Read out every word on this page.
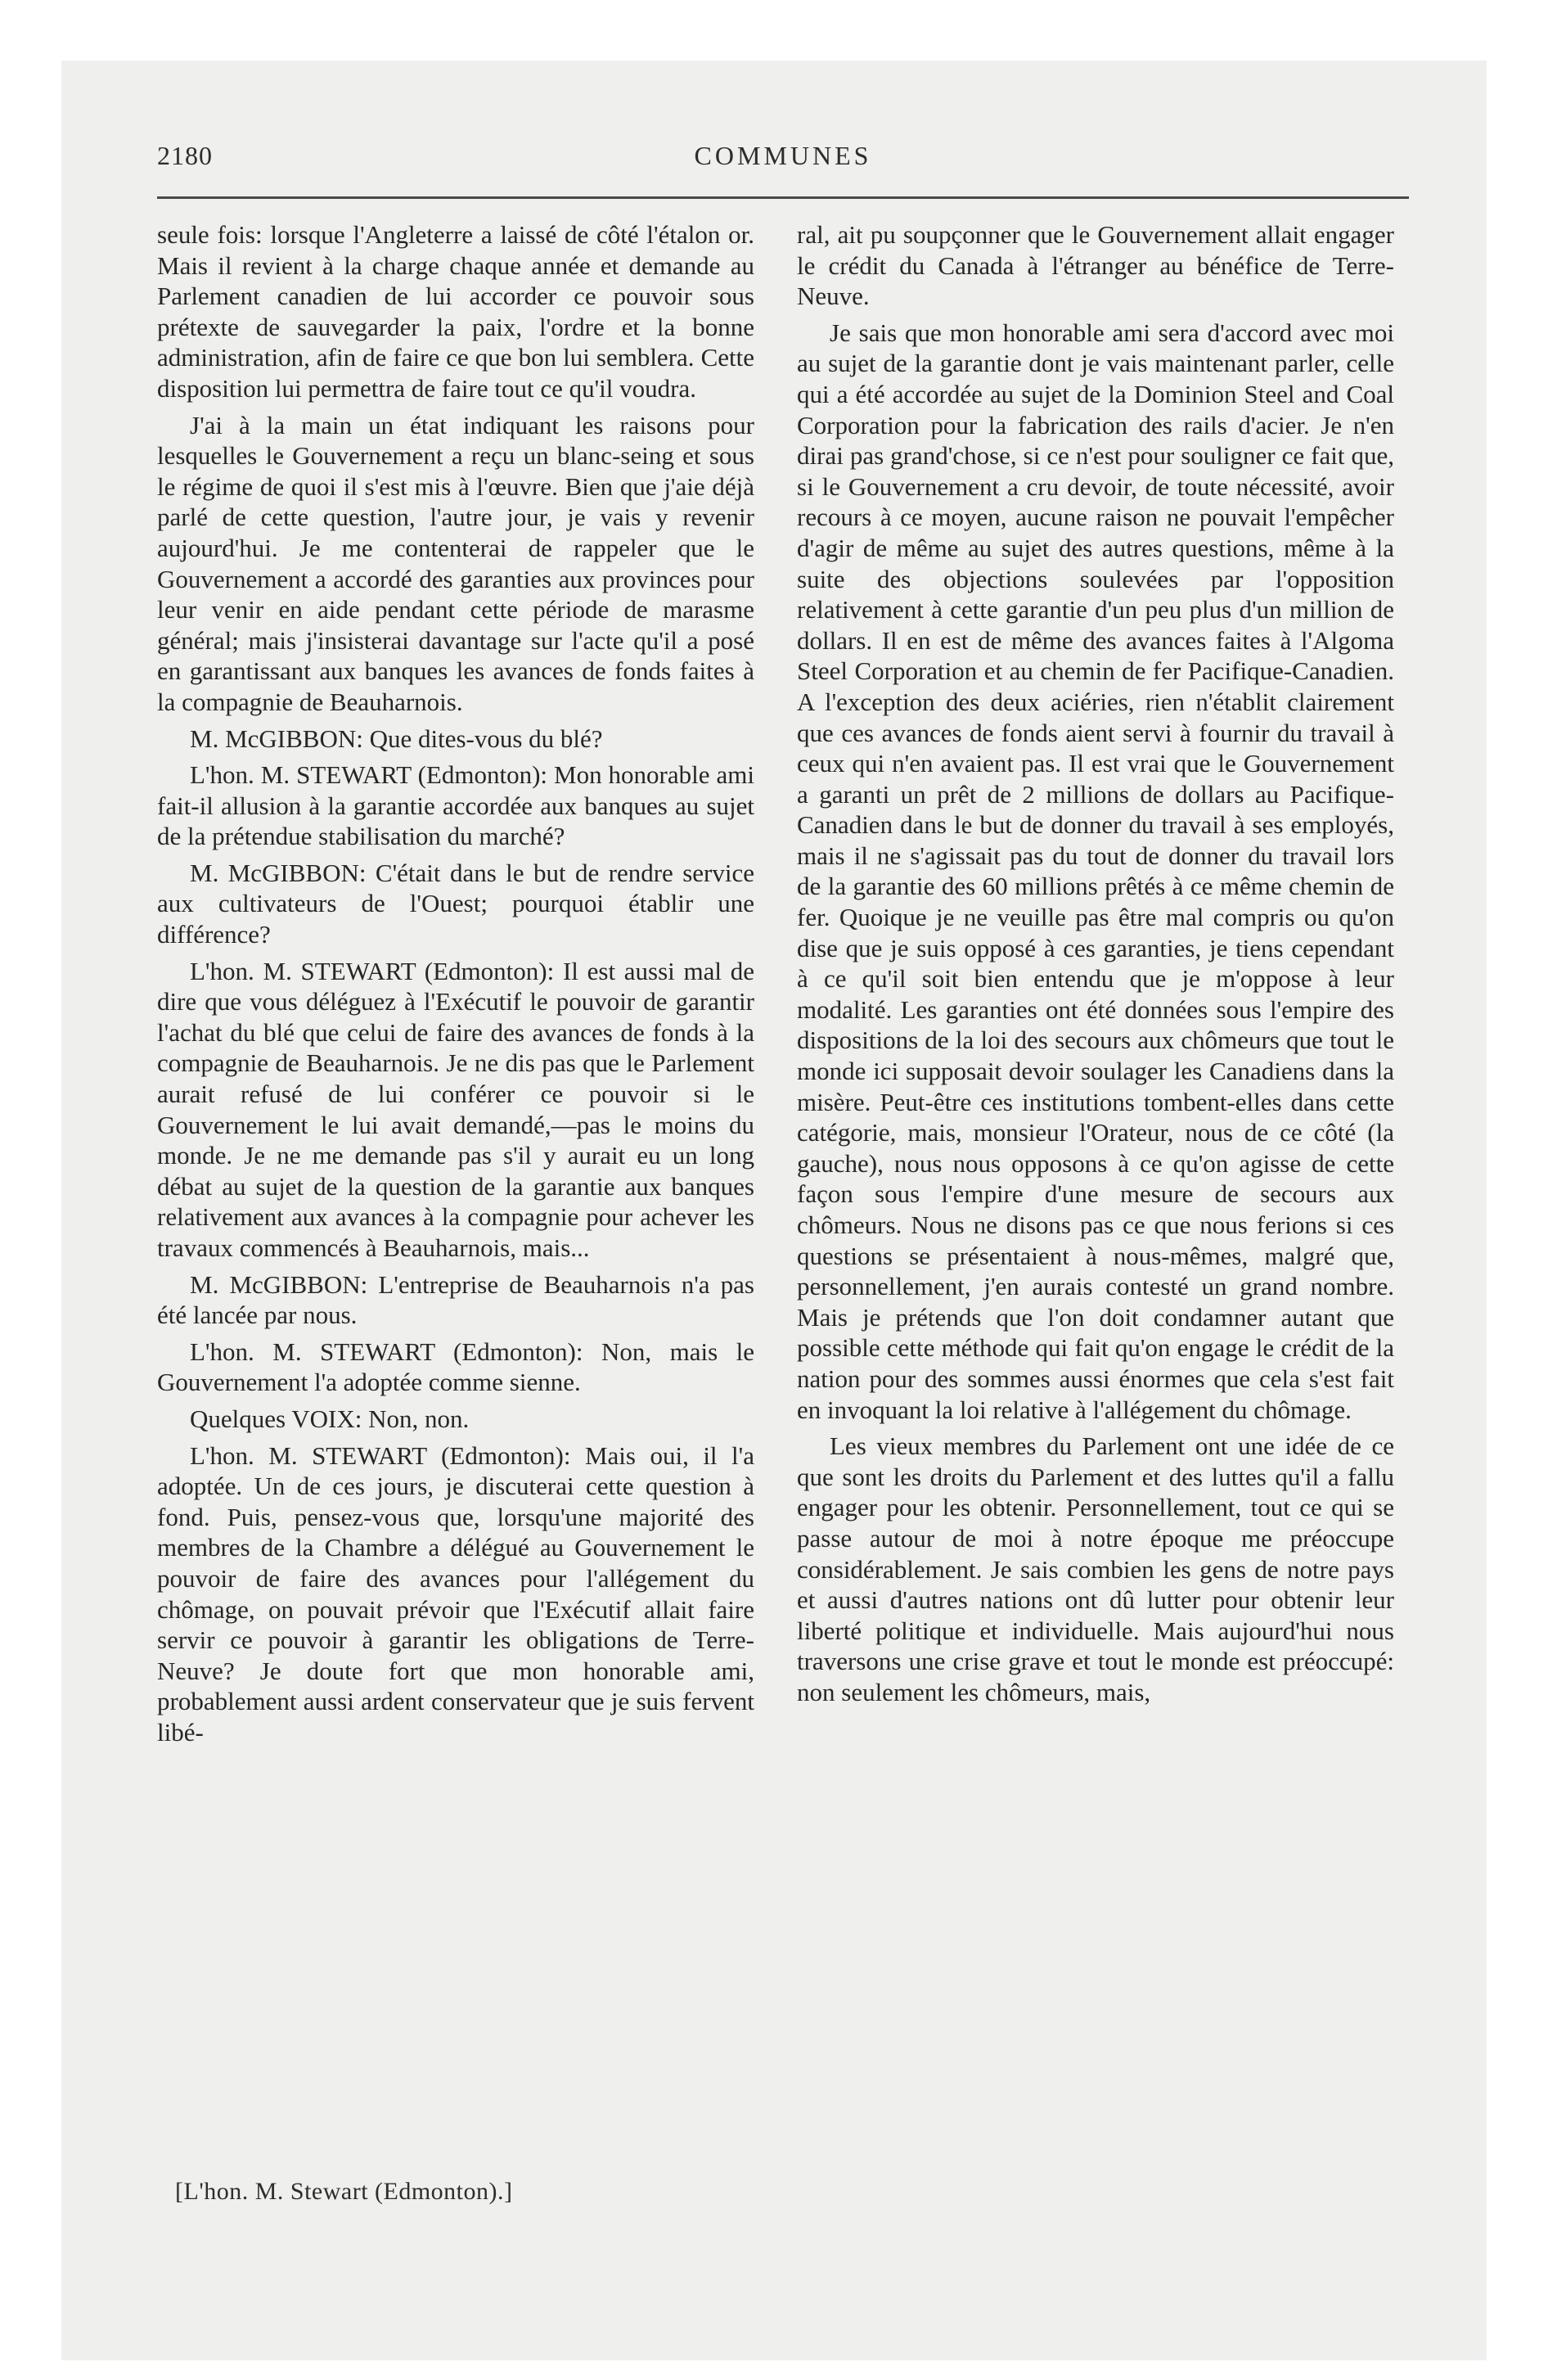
2180	COMMUNES

seule fois: lorsque l'Angleterre a laissé de côté l'étalon or. Mais il revient à la charge chaque année et demande au Parlement canadien de lui accorder ce pouvoir sous prétexte de sauvegarder la paix, l'ordre et la bonne administration, afin de faire ce que bon lui semblera. Cette disposition lui permettra de faire tout ce qu'il voudra.

J'ai à la main un état indiquant les raisons pour lesquelles le Gouvernement a reçu un blanc-seing et sous le régime de quoi il s'est mis à l'œuvre. Bien que j'aie déjà parlé de cette question, l'autre jour, je vais y revenir aujourd'hui. Je me contenterai de rappeler que le Gouvernement a accordé des garanties aux provinces pour leur venir en aide pendant cette période de marasme général; mais j'insisterai davantage sur l'acte qu'il a posé en garantissant aux banques les avances de fonds faites à la compagnie de Beauharnois.

M. McGIBBON: Que dites-vous du blé?

L'hon. M. STEWART (Edmonton): Mon honorable ami fait-il allusion à la garantie accordée aux banques au sujet de la prétendue stabilisation du marché?

M. McGIBBON: C'était dans le but de rendre service aux cultivateurs de l'Ouest; pourquoi établir une différence?

L'hon. M. STEWART (Edmonton): Il est aussi mal de dire que vous déléguez à l'Exécutif le pouvoir de garantir l'achat du blé que celui de faire des avances de fonds à la compagnie de Beauharnois. Je ne dis pas que le Parlement aurait refusé de lui conférer ce pouvoir si le Gouvernement le lui avait demandé,—pas le moins du monde. Je ne me demande pas s'il y aurait eu un long débat au sujet de la question de la garantie aux banques relativement aux avances à la compagnie pour achever les travaux commencés à Beauharnois, mais...

M. McGIBBON: L'entreprise de Beauharnois n'a pas été lancée par nous.

L'hon. M. STEWART (Edmonton): Non, mais le Gouvernement l'a adoptée comme sienne.

Quelques VOIX: Non, non.

L'hon. M. STEWART (Edmonton): Mais oui, il l'a adoptée. Un de ces jours, je discuterai cette question à fond. Puis, pensez-vous que, lorsqu'une majorité des membres de la Chambre a délégué au Gouvernement le pouvoir de faire des avances pour l'allégement du chômage, on pouvait prévoir que l'Exécutif allait faire servir ce pouvoir à garantir les obligations de Terre-Neuve? Je doute fort que mon honorable ami, probablement aussi ardent conservateur que je suis fervent libé-

ral, ait pu soupçonner que le Gouvernement allait engager le crédit du Canada à l'étranger au bénéfice de Terre-Neuve.

Je sais que mon honorable ami sera d'accord avec moi au sujet de la garantie dont je vais maintenant parler, celle qui a été accordée au sujet de la Dominion Steel and Coal Corporation pour la fabrication des rails d'acier. Je n'en dirai pas grand'chose, si ce n'est pour souligner ce fait que, si le Gouvernement a cru devoir, de toute nécessité, avoir recours à ce moyen, aucune raison ne pouvait l'empêcher d'agir de même au sujet des autres questions, même à la suite des objections soulevées par l'opposition relativement à cette garantie d'un peu plus d'un million de dollars. Il en est de même des avances faites à l'Algoma Steel Corporation et au chemin de fer Pacifique-Canadien. A l'exception des deux aciéries, rien n'établit clairement que ces avances de fonds aient servi à fournir du travail à ceux qui n'en avaient pas. Il est vrai que le Gouvernement a garanti un prêt de 2 millions de dollars au Pacifique-Canadien dans le but de donner du travail à ses employés, mais il ne s'agissait pas du tout de donner du travail lors de la garantie des 60 millions prêtés à ce même chemin de fer. Quoique je ne veuille pas être mal compris ou qu'on dise que je suis opposé à ces garanties, je tiens cependant à ce qu'il soit bien entendu que je m'oppose à leur modalité. Les garanties ont été données sous l'empire des dispositions de la loi des secours aux chômeurs que tout le monde ici supposait devoir soulager les Canadiens dans la misère. Peut-être ces institutions tombent-elles dans cette catégorie, mais, monsieur l'Orateur, nous de ce côté (la gauche), nous nous opposons à ce qu'on agisse de cette façon sous l'empire d'une mesure de secours aux chômeurs. Nous ne disons pas ce que nous ferions si ces questions se présentaient à nous-mêmes, malgré que, personnellement, j'en aurais contesté un grand nombre. Mais je prétends que l'on doit condamner autant que possible cette méthode qui fait qu'on engage le crédit de la nation pour des sommes aussi énormes que cela s'est fait en invoquant la loi relative à l'allégement du chômage.

Les vieux membres du Parlement ont une idée de ce que sont les droits du Parlement et des luttes qu'il a fallu engager pour les obtenir. Personnellement, tout ce qui se passe autour de moi à notre époque me préoccupe considérablement. Je sais combien les gens de notre pays et aussi d'autres nations ont dû lutter pour obtenir leur liberté politique et individuelle. Mais aujourd'hui nous traversons une crise grave et tout le monde est préoccupé: non seulement les chômeurs, mais,

[L'hon. M. Stewart (Edmonton).]
